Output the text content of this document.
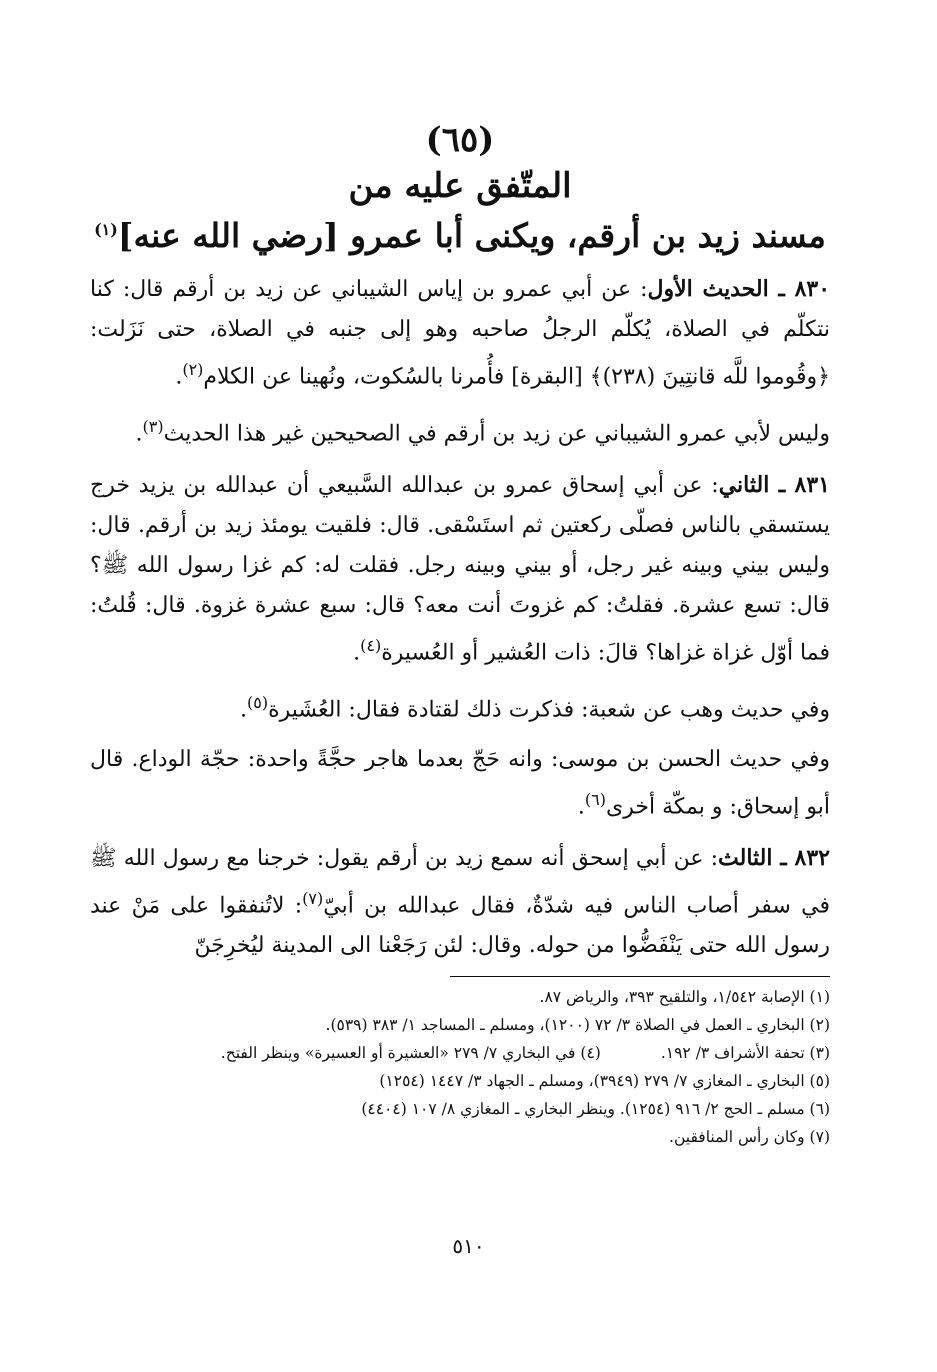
(٦٥)
المتّفق عليه من
مسند زيد بن أرقم، ويكنى أبا عمرو [رضي الله عنه]$^{(١)}$

٨٣٠ ـ الحديث الأول: عن أبي عمرو بن إياس الشيباني عن زيد بن أرقم قال: كنا نتكلّم في الصلاة، يُكلّم الرجلُ صاحبه وهو إلى جنبه في الصلاة، حتى نَزَلت: ﴿وقُوموا للَّه قانتِينَ (٢٣٨)﴾ [البقرة] فأُمرنا بالسُكوت، ونُهينا عن الكلام$^{(٢)}$.

وليس لأبي عمرو الشيباني عن زيد بن أرقم في الصحيحين غير هذا الحديث$^{(٣)}$.

٨٣١ ـ الثاني: عن أبي إسحاق عمرو بن عبدالله السَّبيعي أن عبدالله بن يزيد خرج يستسقي بالناس فصلّى ركعتين ثم استَسْقى. قال: فلقيت يومئذ زيد بن أرقم. قال: وليس بيني وبينه غير رجل، أو بيني وبينه رجل. فقلت له: كم غزا رسول الله ﷺ؟ قال: تسع عشرة. فقلتُ: كم غزوتَ أنت معه؟ قال: سبع عشرة غزوة. قال: قُلتُ: فما أوّل غزاة غزاها؟ قالَ: ذات العُشير أو العُسيرة$^{(٤)}$.

وفي حديث وهب عن شعبة: فذكرت ذلك لقتادة فقال: العُشَيرة$^{(٥)}$.

وفي حديث الحسن بن موسى: وانه حَجّ بعدما هاجر حجَّةً واحدة: حجّة الوداع. قال أبو إسحاق: و بمكّة أخرى$^{(٦)}$.

٨٣٢ ـ الثالث: عن أبي إسحق أنه سمع زيد بن أرقم يقول: خرجنا مع رسول الله ﷺ في سفر أصاب الناس فيه شدّةٌ، فقال عبدالله بن أبيّ$^{(٧)}$: لاتُنفقوا على مَنْ عند رسول الله حتى يَنْفَضُّوا من حوله. وقال: لئن رَجَعْنا الى المدينة ليُخرِجَنّ

(١) الإصابة ١/٥٤٢، والتلقيح ٣٩٣، والرياض ٨٧.

(٢) البخاري ـ العمل في الصلاة ٣/ ٧٢ (١٢٠٠)، ومسلم ـ المساجد ١/ ٣٨٣ (٥٣٩).

(٣) تحفة الأشراف ٣/ ١٩٢.
(٤) في البخاري ٧/ ٢٧٩ «العشيرة أو العسيرة» وينظر الفتح.

(٥) البخاري ـ المغازي ٧/ ٢٧٩ (٣٩٤٩)، ومسلم ـ الجهاد ٣/ ١٤٤٧ (١٢٥٤)

(٦) مسلم ـ الحج ٢/ ٩١٦ (١٢٥٤). وينظر البخاري ـ المغازي ٨/ ١٠٧ (٤٤٠٤)

(٧) وكان رأس المنافقين.

٥١٠
